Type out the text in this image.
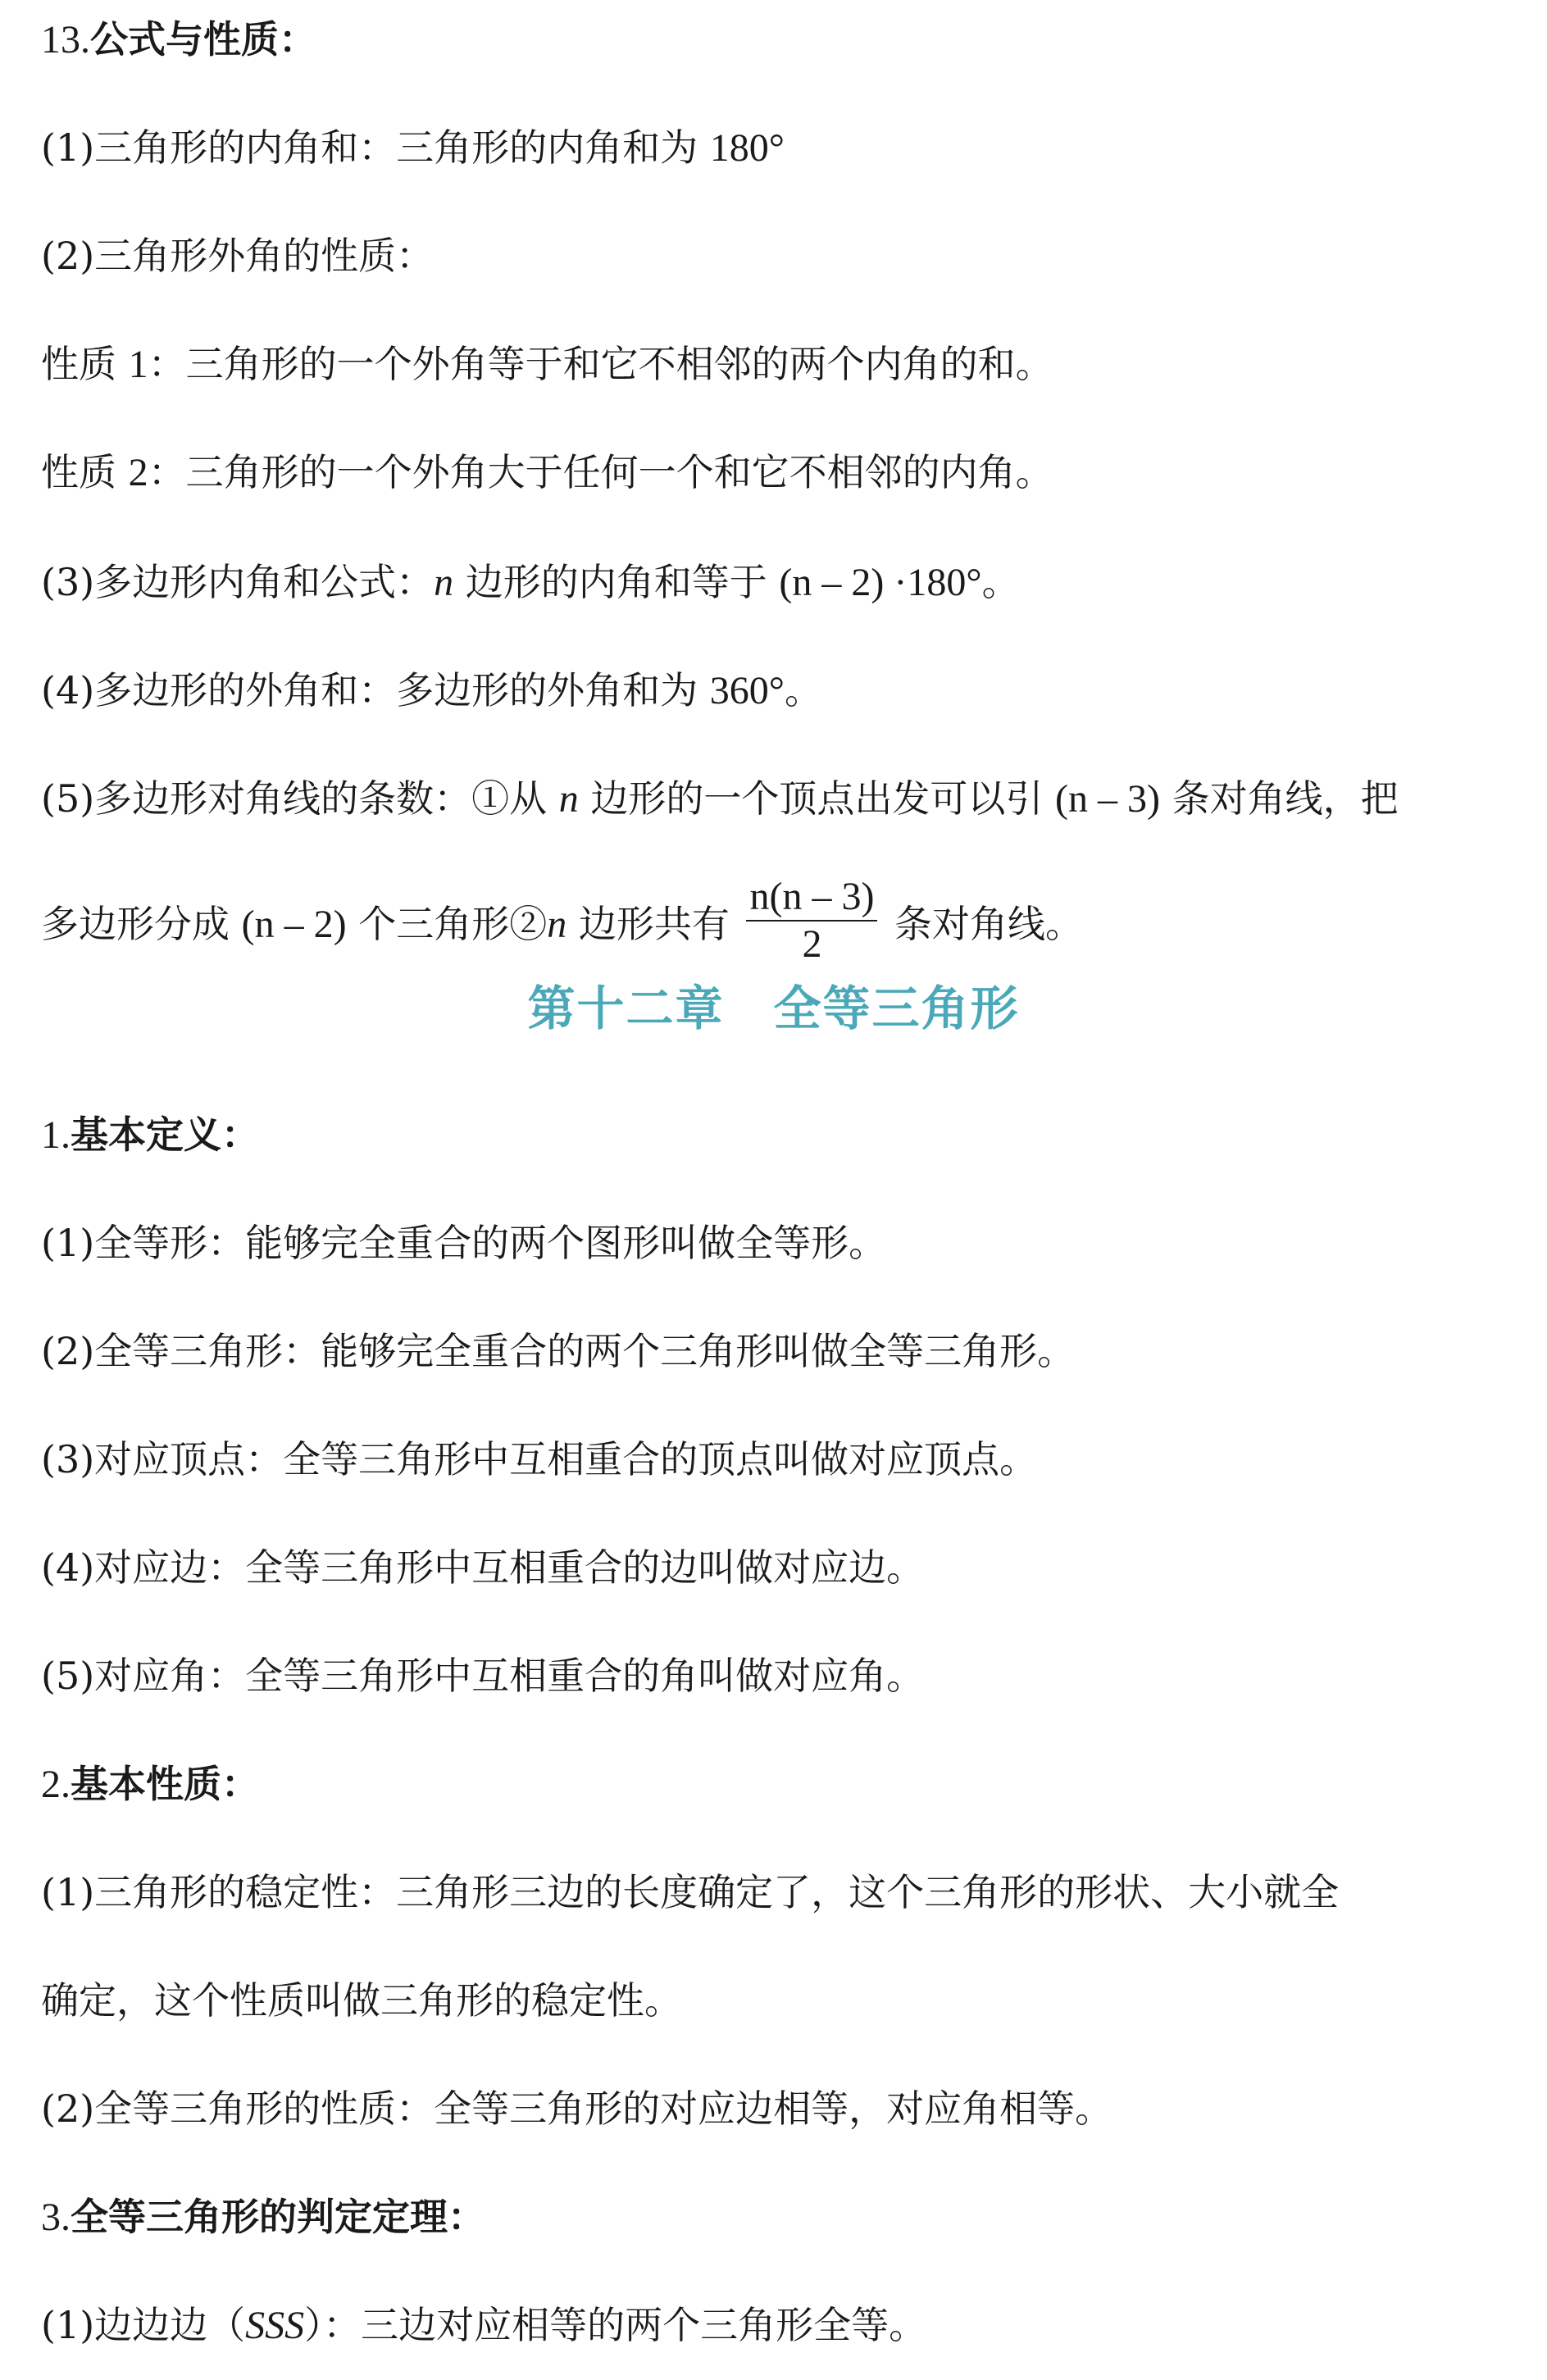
13.公式与性质：
(1)三角形的内角和：三角形的内角和为 180°
(2)三角形外角的性质：
性质 1：三角形的一个外角等于和它不相邻的两个内角的和。
性质 2：三角形的一个外角大于任何一个和它不相邻的内角。
(3)多边形内角和公式：n 边形的内角和等于 (n – 2) ·180°。
(4)多边形的外角和：多边形的外角和为 360°。
(5)多边形对角线的条数：①从 n 边形的一个顶点出发可以引 (n – 3) 条对角线，把
多边形分成 (n – 2) 个三角形②n 边形共有 $\frac{n(n - 3)}{2}$ 条对角线。
第十二章 全等三角形
1.基本定义：
(1)全等形：能够完全重合的两个图形叫做全等形。
(2)全等三角形：能够完全重合的两个三角形叫做全等三角形。
(3)对应顶点：全等三角形中互相重合的顶点叫做对应顶点。
(4)对应边：全等三角形中互相重合的边叫做对应边。
(5)对应角：全等三角形中互相重合的角叫做对应角。
2.基本性质：
(1)三角形的稳定性：三角形三边的长度确定了，这个三角形的形状、大小就全
确定，这个性质叫做三角形的稳定性。
(2)全等三角形的性质：全等三角形的对应边相等，对应角相等。
3.全等三角形的判定定理：
(1)边边边（SSS）：三边对应相等的两个三角形全等。
